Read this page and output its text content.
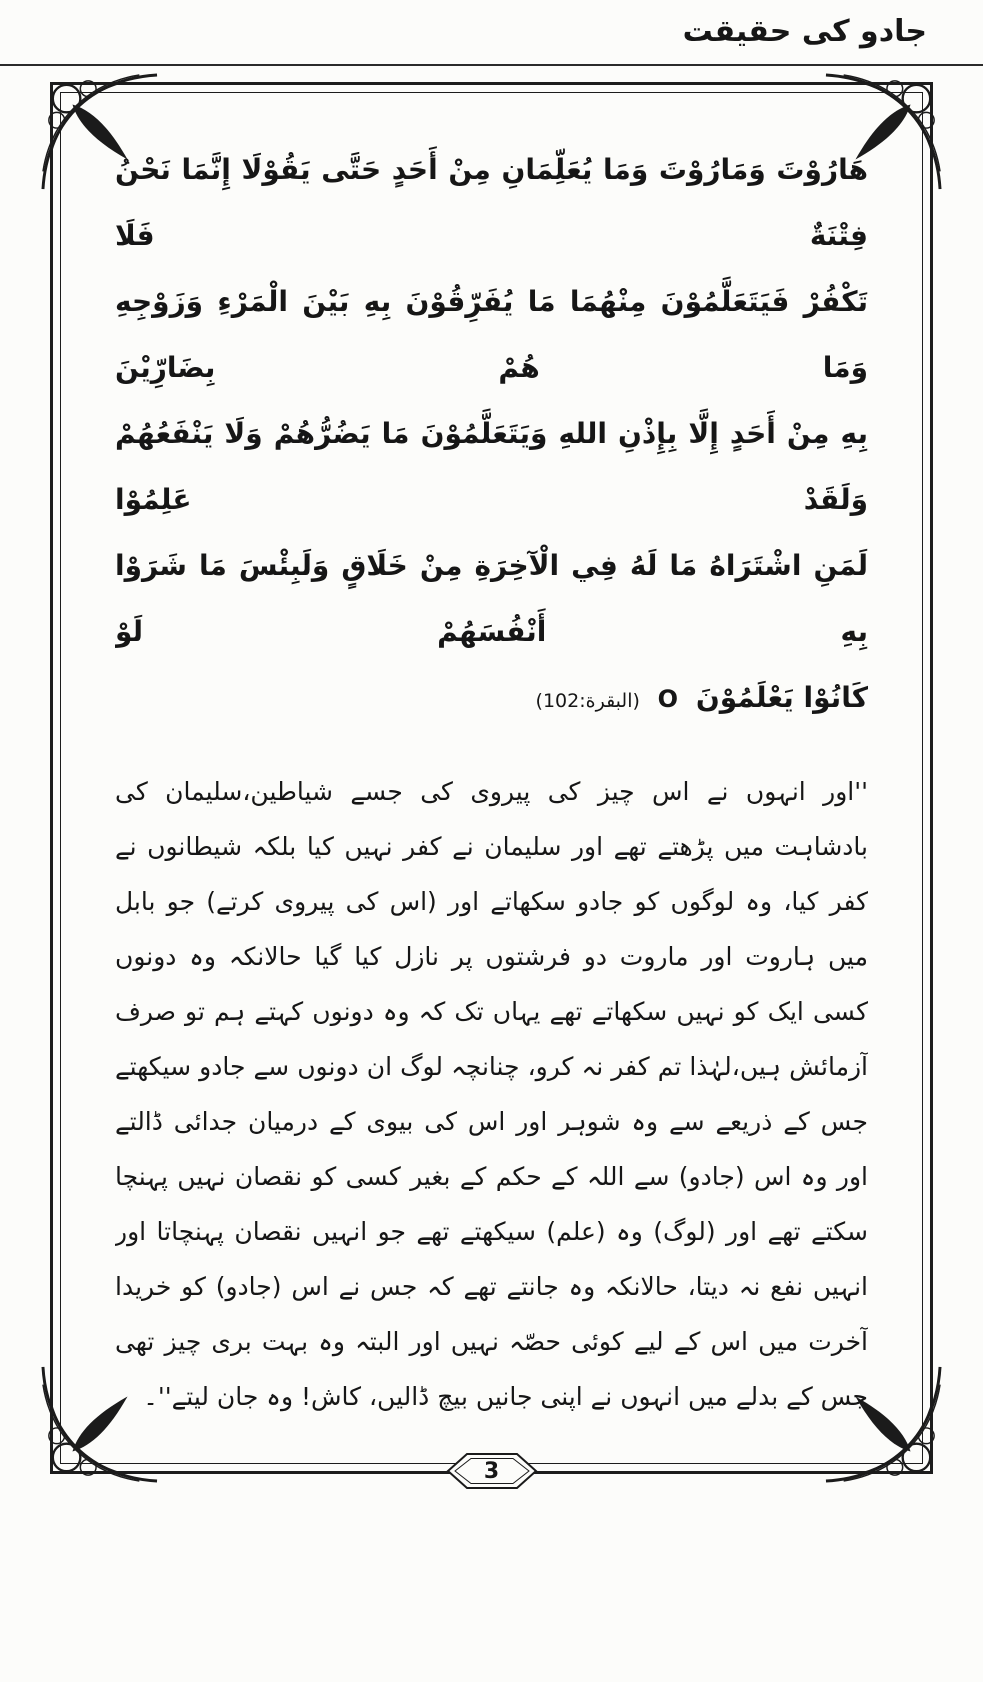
جادو کی حقیقت
هَارُوْتَ وَمَارُوْتَ وَمَا يُعَلِّمَانِ مِنْ أَحَدٍ حَتَّى يَقُوْلَا إِنَّمَا نَحْنُ فِتْنَةٌ فَلَا
تَكْفُرْ فَيَتَعَلَّمُوْنَ مِنْهُمَا مَا يُفَرِّقُوْنَ بِهِ بَيْنَ الْمَرْءِ وَزَوْجِهِ وَمَا هُمْ بِضَارِّيْنَ
بِهِ مِنْ أَحَدٍ إِلَّا بِإِذْنِ اللهِ وَيَتَعَلَّمُوْنَ مَا يَضُرُّهُمْ وَلَا يَنْفَعُهُمْ وَلَقَدْ عَلِمُوْا
لَمَنِ اشْتَرَاهُ مَا لَهُ فِي الْآخِرَةِ مِنْ خَلَاقٍ وَلَبِئْسَ مَا شَرَوْا بِهِ أَنْفُسَهُمْ لَوْ
كَانُوْا يَعْلَمُوْنَ O (البقرة:102)

''اور انہوں نے اس چیز کی پیروی کی جسے شیاطین،سلیمان کی بادشاہت میں پڑھتے تھے اور سلیمان نے کفر نہیں کیا بلکہ شیطانوں نے کفر کیا، وہ لوگوں کو جادو سکھاتے اور (اس کی پیروی کرتے) جو بابل میں ہاروت اور ماروت دو فرشتوں پر نازل کیا گیا حالانکہ وہ دونوں کسی ایک کو نہیں سکھاتے تھے یہاں تک کہ وہ دونوں کہتے ہم تو صرف آزمائش ہیں،لہٰذا تم کفر نہ کرو، چنانچہ لوگ ان دونوں سے جادو سیکھتے جس کے ذریعے سے وہ شوہر اور اس کی بیوی کے درمیان جدائی ڈالتے اور وہ اس (جادو) سے اللہ کے حکم کے بغیر کسی کو نقصان نہیں پہنچا سکتے تھے اور (لوگ) وہ (علم) سیکھتے تھے جو انہیں نقصان پہنچاتا اور انہیں نفع نہ دیتا، حالانکہ وہ جانتے تھے کہ جس نے اس (جادو) کو خریدا آخرت میں اس کے لیے کوئی حصّہ نہیں اور البتہ وہ بہت بری چیز تھی جس کے بدلے میں انہوں نے اپنی جانیں بیچ ڈالیں، کاش! وہ جان لیتے''۔

3
